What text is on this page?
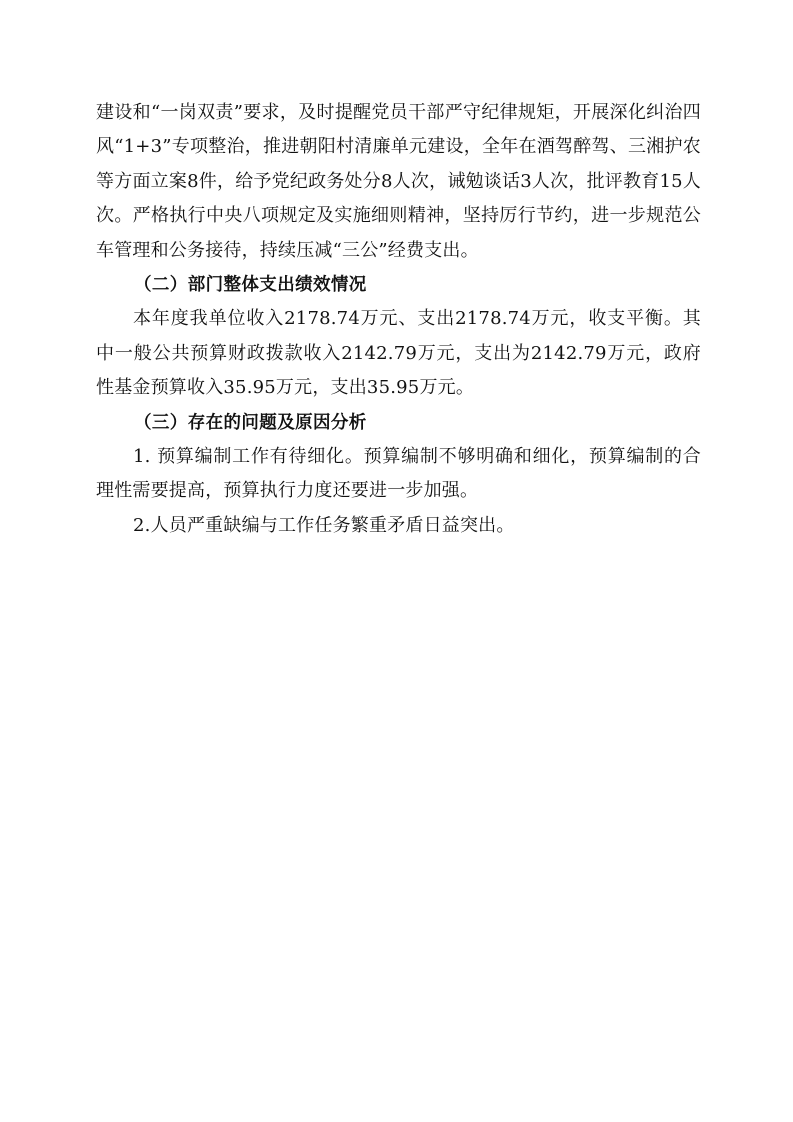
建设和“一岗双责”要求，及时提醒党员干部严守纪律规矩，开展深化纠治四风“1+3”专项整治，推进朝阳村清廉单元建设，全年在酒驾醉驾、三湘护农等方面立案8件，给予党纪政务处分8人次，诫勉谈话3人次，批评教育15人次。严格执行中央八项规定及实施细则精神，坚持厉行节约，进一步规范公车管理和公务接待，持续压减“三公”经费支出。

（二）部门整体支出绩效情况

本年度我单位收入2178.74万元、支出2178.74万元，收支平衡。其中一般公共预算财政拨款收入2142.79万元，支出为2142.79万元，政府性基金预算收入35.95万元，支出35.95万元。

（三）存在的问题及原因分析

1. 预算编制工作有待细化。预算编制不够明确和细化，预算编制的合理性需要提高，预算执行力度还要进一步加强。

2.人员严重缺编与工作任务繁重矛盾日益突出。
